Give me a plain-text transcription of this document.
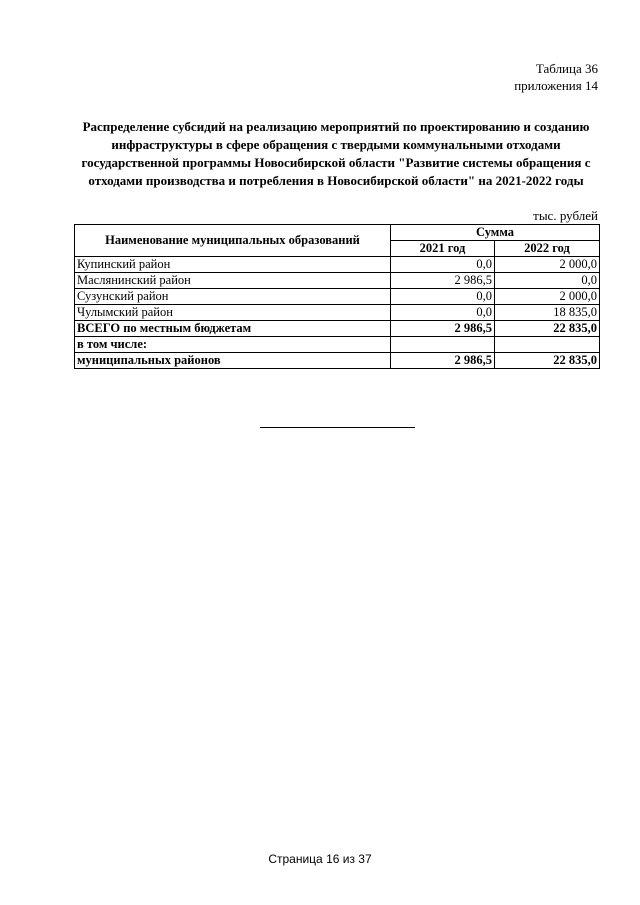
Таблица 36
приложения 14
Распределение субсидий на реализацию мероприятий по проектированию и созданию инфраструктуры в сфере обращения с твердыми коммунальными отходами государственной программы Новосибирской области "Развитие системы обращения с отходами производства и потребления в Новосибирской области" на 2021-2022 годы
тыс. рублей
Наименование муниципальных образований	Сумма	
	2021 год	2022 год
Купинский район	0,0	2 000,0
Маслянинский район	2 986,5	0,0
Сузунский район	0,0	2 000,0
Чулымский район	0,0	18 835,0
ВСЕГО по местным бюджетам	2 986,5	22 835,0
в том числе:		
муниципальных районов	2 986,5	22 835,0
Страница 16 из 37
